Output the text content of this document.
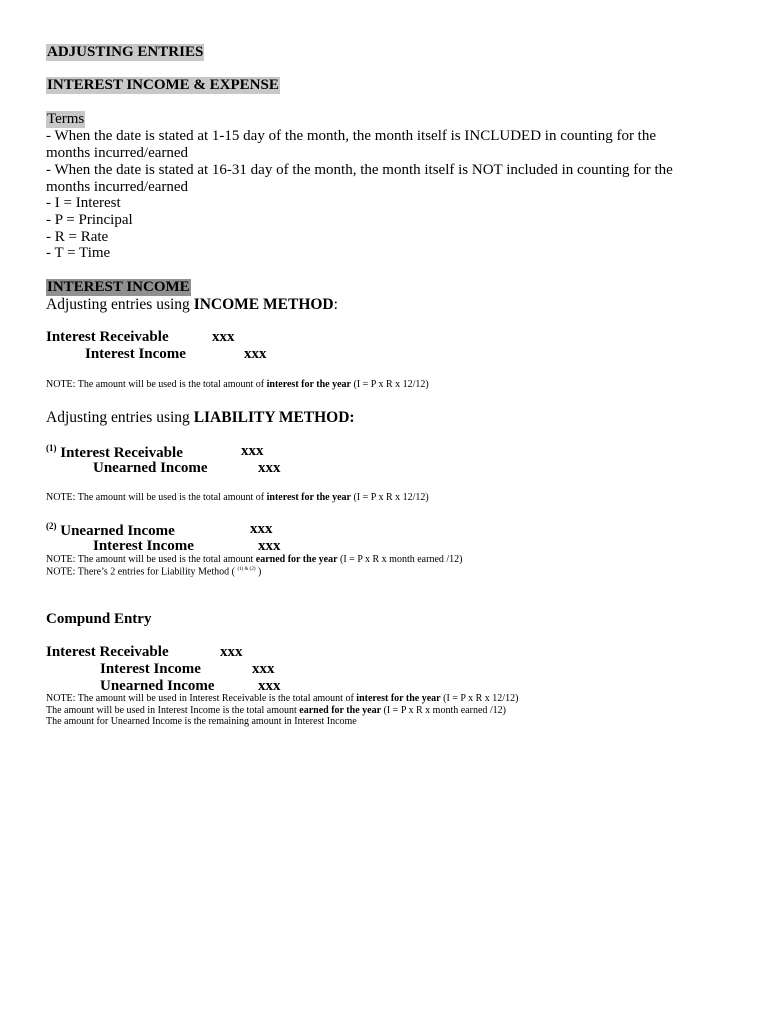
ADJUSTING ENTRIES
INTEREST INCOME & EXPENSE
Terms
- When the date is stated at 1-15 day of the month, the month itself is INCLUDED in counting for the
months incurred/earned
- When the date is stated at 16-31 day of the month, the month itself is NOT included in counting for the
months incurred/earned
- I = Interest
- P = Principal
- R = Rate
- T = Time
INTEREST INCOME
Adjusting entries using INCOME METHOD:
Interest Receivable	xxx
Interest Income	xxx
NOTE: The amount will be used is the total amount of interest for the year (I = P x R x 12/12)
Adjusting entries using LIABILITY METHOD:
$^{(1)}$ Interest Receivable	xxx
Unearned Income	xxx
NOTE: The amount will be used is the total amount of interest for the year (I = P x R x 12/12)
$^{(2)}$ Unearned Income	xxx
Interest Income	xxx
NOTE: The amount will be used is the total amount earned for the year (I = P x R x month earned /12)
NOTE: There’s 2 entries for Liability Method ( $^{(1) \& (2)}$ )
Compund Entry
Interest Receivable	xxx
Interest Income	xxx
Unearned Income	xxx
NOTE: The amount will be used in Interest Receivable is the total amount of interest for the year (I = P x R x 12/12)
The amount will be used in Interest Income is the total amount earned for the year (I = P x R x month earned /12)
The amount for Unearned Income is the remaining amount in Interest Income
